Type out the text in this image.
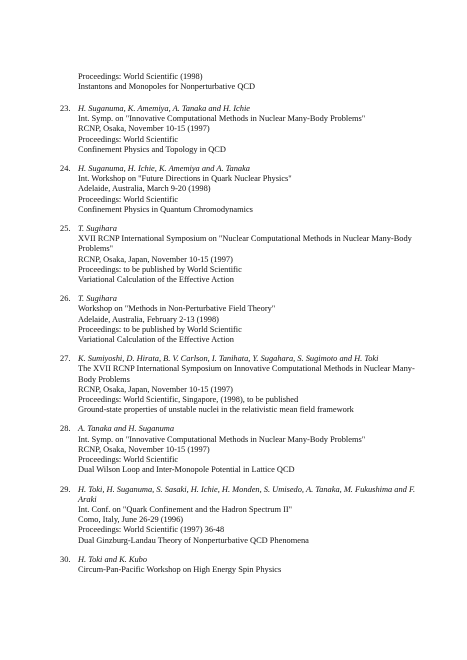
Proceedings: World Scientific (1998)
Instantons and Monopoles for Nonperturbative QCD
23. H. Suganuma, K. Amemiya, A. Tanaka and H. Ichie
Int. Symp. on "Innovative Computational Methods in Nuclear Many-Body Problems"
RCNP, Osaka, November 10-15 (1997)
Proceedings: World Scientific
Confinement Physics and Topology in QCD
24. H. Suganuma, H. Ichie, K. Amemiya and A. Tanaka
Int. Workshop on "Future Directions in Quark Nuclear Physics"
Adelaide, Australia, March 9-20 (1998)
Proceedings: World Scientific
Confinement Physics in Quantum Chromodynamics
25. T. Sugihara
XVII RCNP International Symposium on "Nuclear Computational Methods in Nuclear Many-Body Problems"
RCNP, Osaka, Japan, November 10-15 (1997)
Proceedings: to be published by World Scientific
Variational Calculation of the Effective Action
26. T. Sugihara
Workshop on "Methods in Non-Perturbative Field Theory"
Adelaide, Australia, February 2-13 (1998)
Proceedings: to be published by World Scientific
Variational Calculation of the Effective Action
27. K. Sumiyoshi, D. Hirata, B. V. Carlson, I. Tanihata, Y. Sugahara, S. Sugimoto and H. Toki
The XVII RCNP International Symposium on Innovative Computational Methods in Nuclear Many-Body Problems
RCNP, Osaka, Japan, November 10-15 (1997)
Proceedings: World Scientific, Singapore, (1998), to be published
Ground-state properties of unstable nuclei in the relativistic mean field framework
28. A. Tanaka and H. Suganuma
Int. Symp. on "Innovative Computational Methods in Nuclear Many-Body Problems"
RCNP, Osaka, November 10-15 (1997)
Proceedings: World Scientific
Dual Wilson Loop and Inter-Monopole Potential in Lattice QCD
29. H. Toki, H. Suganuma, S. Sasaki, H. Ichie, H. Monden, S. Umisedo, A. Tanaka, M. Fukushima and F. Araki
Int. Conf. on "Quark Confinement and the Hadron Spectrum II"
Como, Italy, June 26-29 (1996)
Proceedings: World Scientific (1997) 36-48
Dual Ginzburg-Landau Theory of Nonperturbative QCD Phenomena
30. H. Toki and K. Kubo
Circum-Pan-Pacific Workshop on High Energy Spin Physics
